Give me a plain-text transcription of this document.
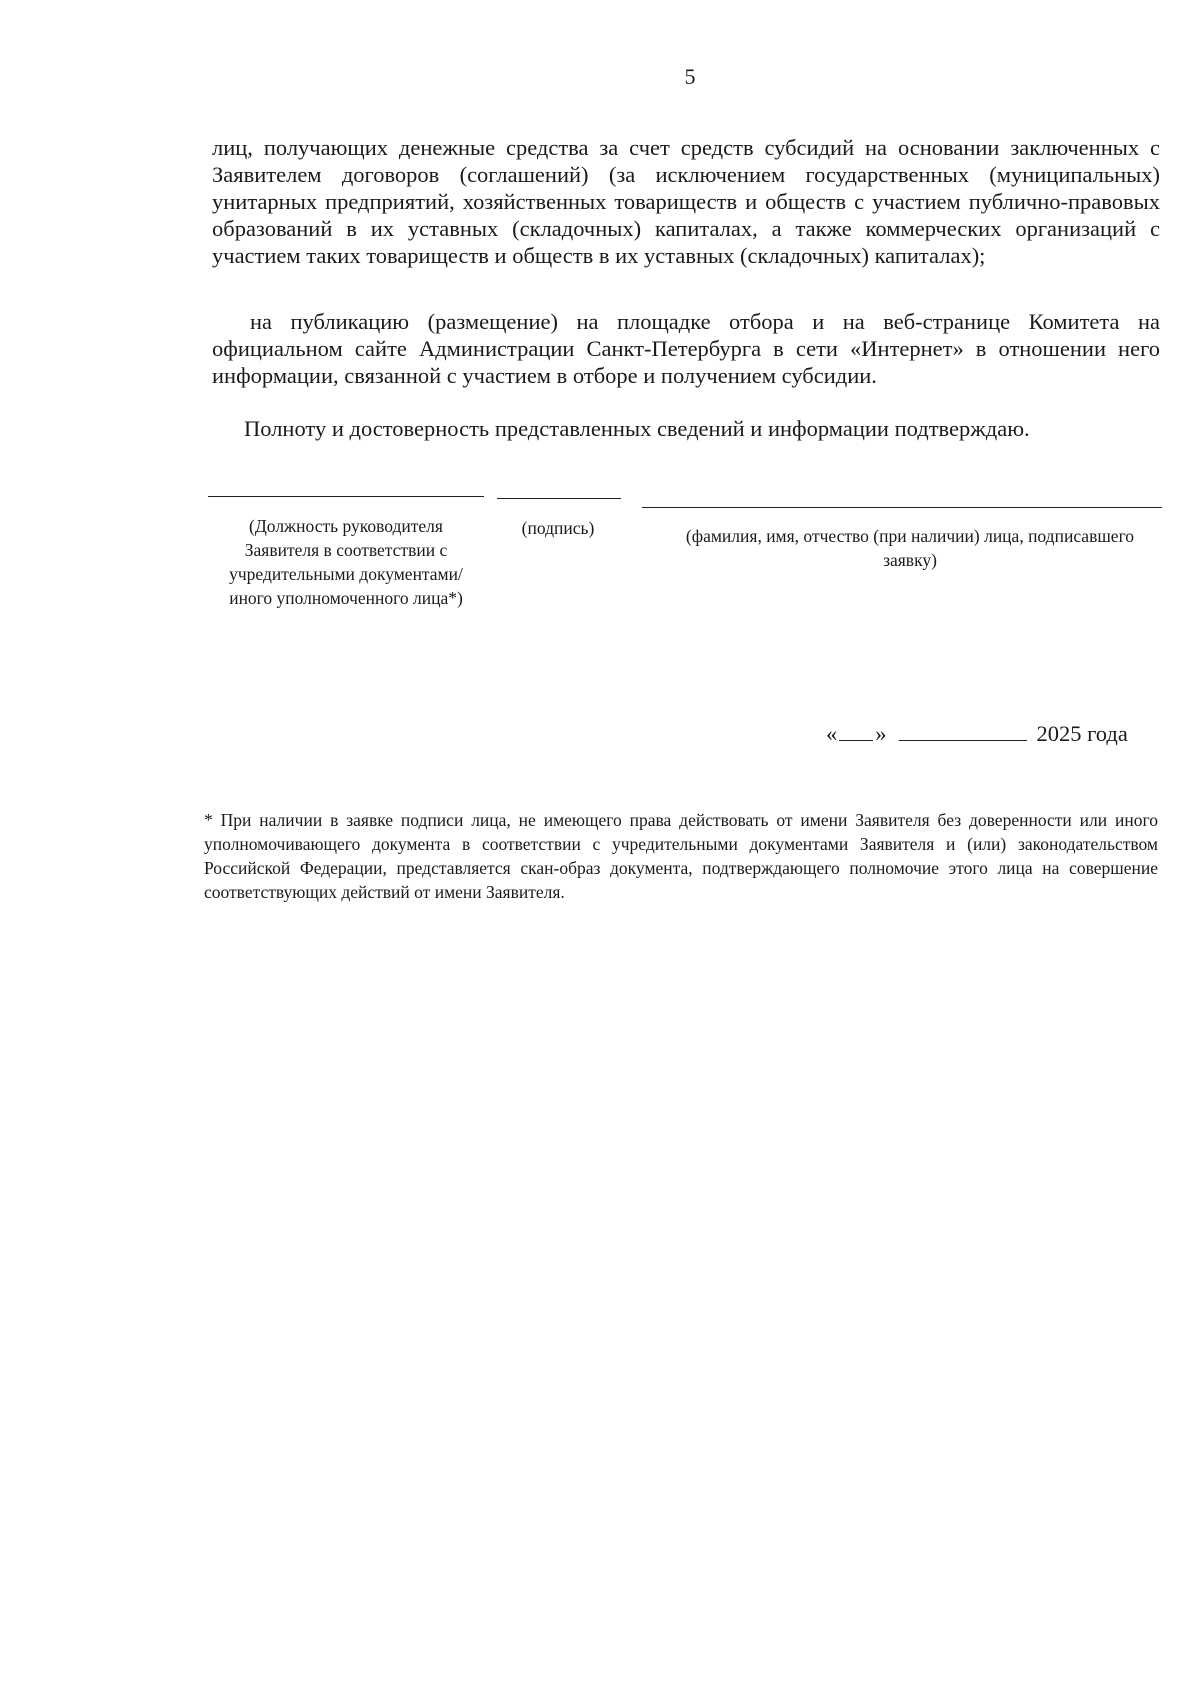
5

лиц, получающих денежные средства за счет средств субсидий на основании заключенных с Заявителем договоров (соглашений) (за исключением государственных (муниципальных) унитарных предприятий, хозяйственных товариществ и обществ с участием публично-правовых образований в их уставных (складочных) капиталах, а также коммерческих организаций с участием таких товариществ и обществ в их уставных (складочных) капиталах);

на публикацию (размещение) на площадке отбора и на веб-странице Комитета на официальном сайте Администрации Санкт-Петербурга в сети «Интернет» в отношении него информации, связанной с участием в отборе и получением субсидии.

Полноту и достоверность представленных сведений и информации подтверждаю.

(Должность руководителя Заявителя в соответствии с учредительными документами/ иного уполномоченного лица*)

(подпись)	(фамилия, имя, отчество (при наличии) лица, подписавшего заявку)

« »	2025 года

* При наличии в заявке подписи лица, не имеющего права действовать от имени Заявителя без доверенности или иного уполномочивающего документа в соответствии с учредительными документами Заявителя и (или) законодательством Российской Федерации, представляется скан-образ документа, подтверждающего полномочие этого лица на совершение соответствующих действий от имени Заявителя.
